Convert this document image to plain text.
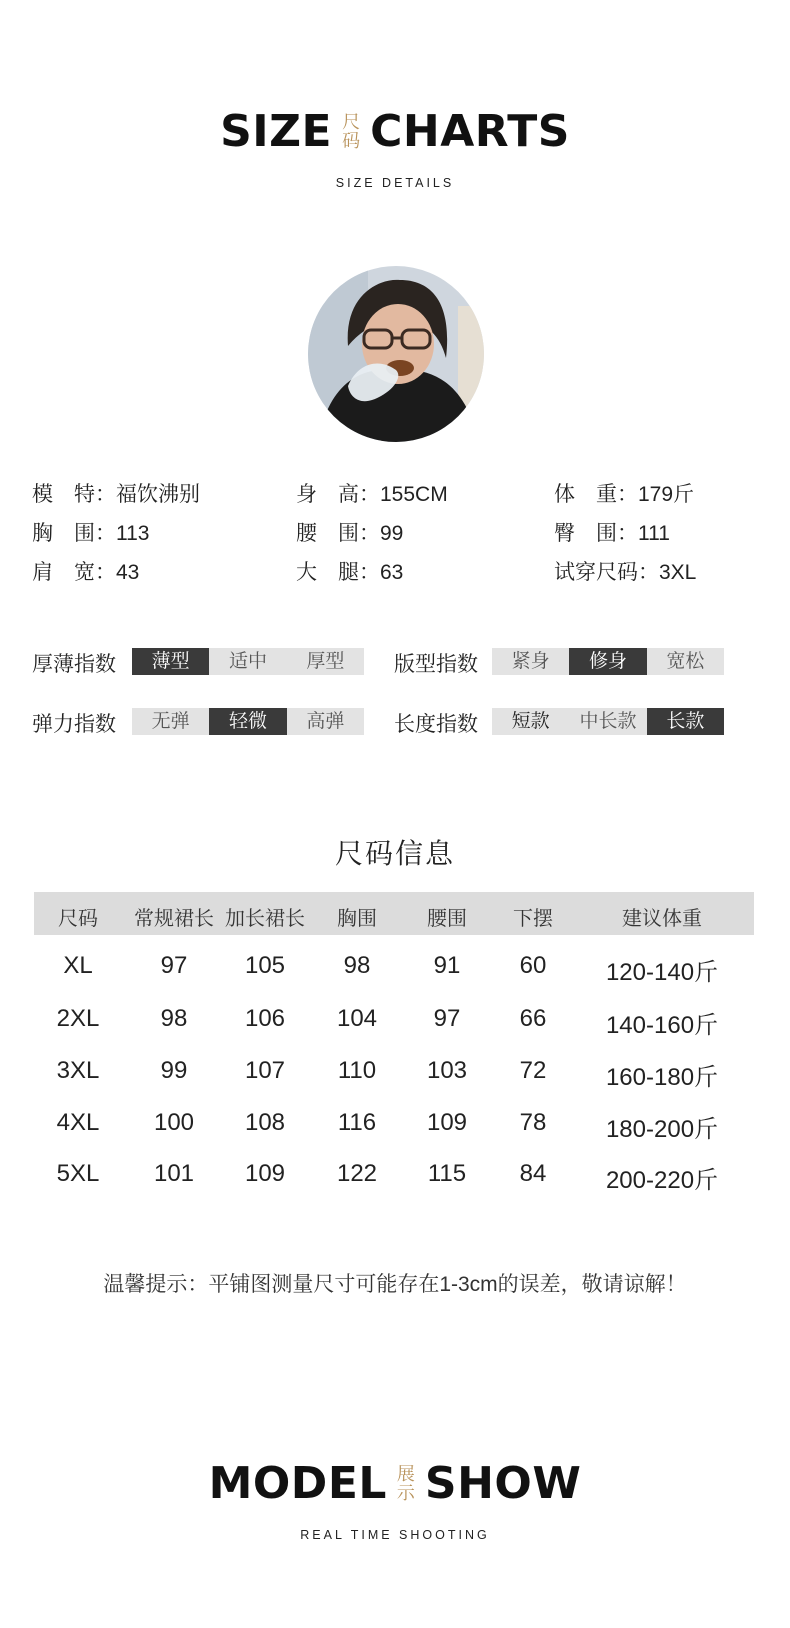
SIZE 尺
码 CHARTS
SIZE DETAILS
模　特：福饮沸别	身　高：155CM	体　重：179斤
胸　围：113	腰　围：99	臀　围：111
肩　宽：43	大　腿：63	试穿尺码：3XL
厚薄指数	薄型	适中	厚型	版型指数	紧身	修身	宽松
弹力指数	无弹	轻微	高弹	长度指数	短款	中长款	长款
尺码信息
尺码 常规裙长 加长裙长 胸围	腰围 下摆	建议体重
XL	97 105 98	91 60 120-140斤
2XL	98 106 104 97 66 140-160斤
3XL	99 107 110 103 72 160-180斤
4XL 100 108 116 109 78 180-200斤
5XL 101 109 122 115 84 200-220斤
温馨提示：平铺图测量尺寸可能存在1-3cm的误差，敬请谅解！
MODEL 展
示 SHOW
REAL TIME SHOOTING
